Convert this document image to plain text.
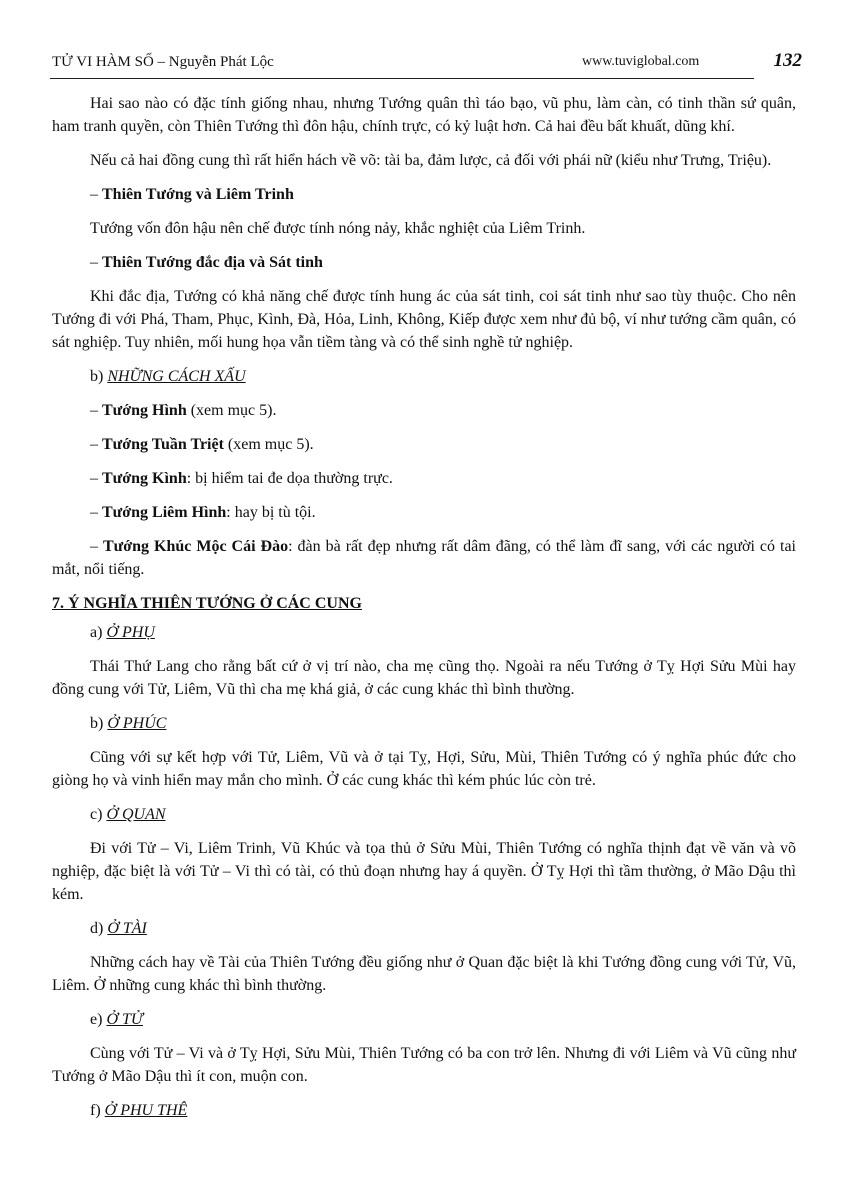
TỬ VI HÀM SỐ – Nguyễn Phát Lộc	www.tuviglobal.com	132

Hai sao nào có đặc tính giống nhau, nhưng Tướng quân thì táo bạo, vũ phu, làm càn, có tinh thần sứ quân, ham tranh quyền, còn Thiên Tướng thì đôn hậu, chính trực, có kỷ luật hơn. Cả hai đều bất khuất, dũng khí.

Nếu cả hai đồng cung thì rất hiển hách về võ: tài ba, đảm lược, cả đối với phái nữ (kiểu như Trưng, Triệu).

– Thiên Tướng và Liêm Trinh

Tướng vốn đôn hậu nên chế được tính nóng nảy, khắc nghiệt của Liêm Trinh.

– Thiên Tướng đắc địa và Sát tinh

Khi đắc địa, Tướng có khả năng chế được tính hung ác của sát tinh, coi sát tinh như sao tùy thuộc. Cho nên Tướng đi với Phá, Tham, Phục, Kình, Đà, Hỏa, Linh, Không, Kiếp được xem như đủ bộ, ví như tướng cầm quân, có sát nghiệp. Tuy nhiên, mối hung họa vẫn tiềm tàng và có thể sinh nghề tử nghiệp.

b) NHỮNG CÁCH XẤU

– Tướng Hình (xem mục 5).

– Tướng Tuần Triệt (xem mục 5).

– Tướng Kình: bị hiểm tai đe dọa thường trực.

– Tướng Liêm Hình: hay bị tù tội.

– Tướng Khúc Mộc Cái Đào: đàn bà rất đẹp nhưng rất dâm đãng, có thể làm đĩ sang, với các người có tai mắt, nổi tiếng.

7. Ý NGHĨA THIÊN TƯỚNG Ở CÁC CUNG

a) Ở PHỤ

Thái Thứ Lang cho rằng bất cứ ở vị trí nào, cha mẹ cũng thọ. Ngoài ra nếu Tướng ở Tỵ Hợi Sửu Mùi hay đồng cung với Tử, Liêm, Vũ thì cha mẹ khá giả, ở các cung khác thì bình thường.

b) Ở PHÚC

Cũng với sự kết hợp với Tử, Liêm, Vũ và ở tại Tỵ, Hợi, Sửu, Mùi, Thiên Tướng có ý nghĩa phúc đức cho giòng họ và vinh hiển may mắn cho mình. Ở các cung khác thì kém phúc lúc còn trẻ.

c) Ở QUAN

Đi với Tử – Vi, Liêm Trinh, Vũ Khúc và tọa thủ ở Sửu Mùi, Thiên Tướng có nghĩa thịnh đạt về văn và võ nghiệp, đặc biệt là với Tử – Vi thì có tài, có thủ đoạn nhưng hay á quyền. Ở Tỵ Hợi thì tầm thường, ở Mão Dậu thì kém.

d) Ở TÀI

Những cách hay về Tài của Thiên Tướng đều giống như ở Quan đặc biệt là khi Tướng đồng cung với Tử, Vũ, Liêm. Ở những cung khác thì bình thường.

e) Ở TỬ

Cùng với Tử – Vi và ở Tỵ Hợi, Sửu Mùi, Thiên Tướng có ba con trở lên. Nhưng đi với Liêm và Vũ cũng như Tướng ở Mão Dậu thì ít con, muộn con.

f) Ở PHU THÊ
